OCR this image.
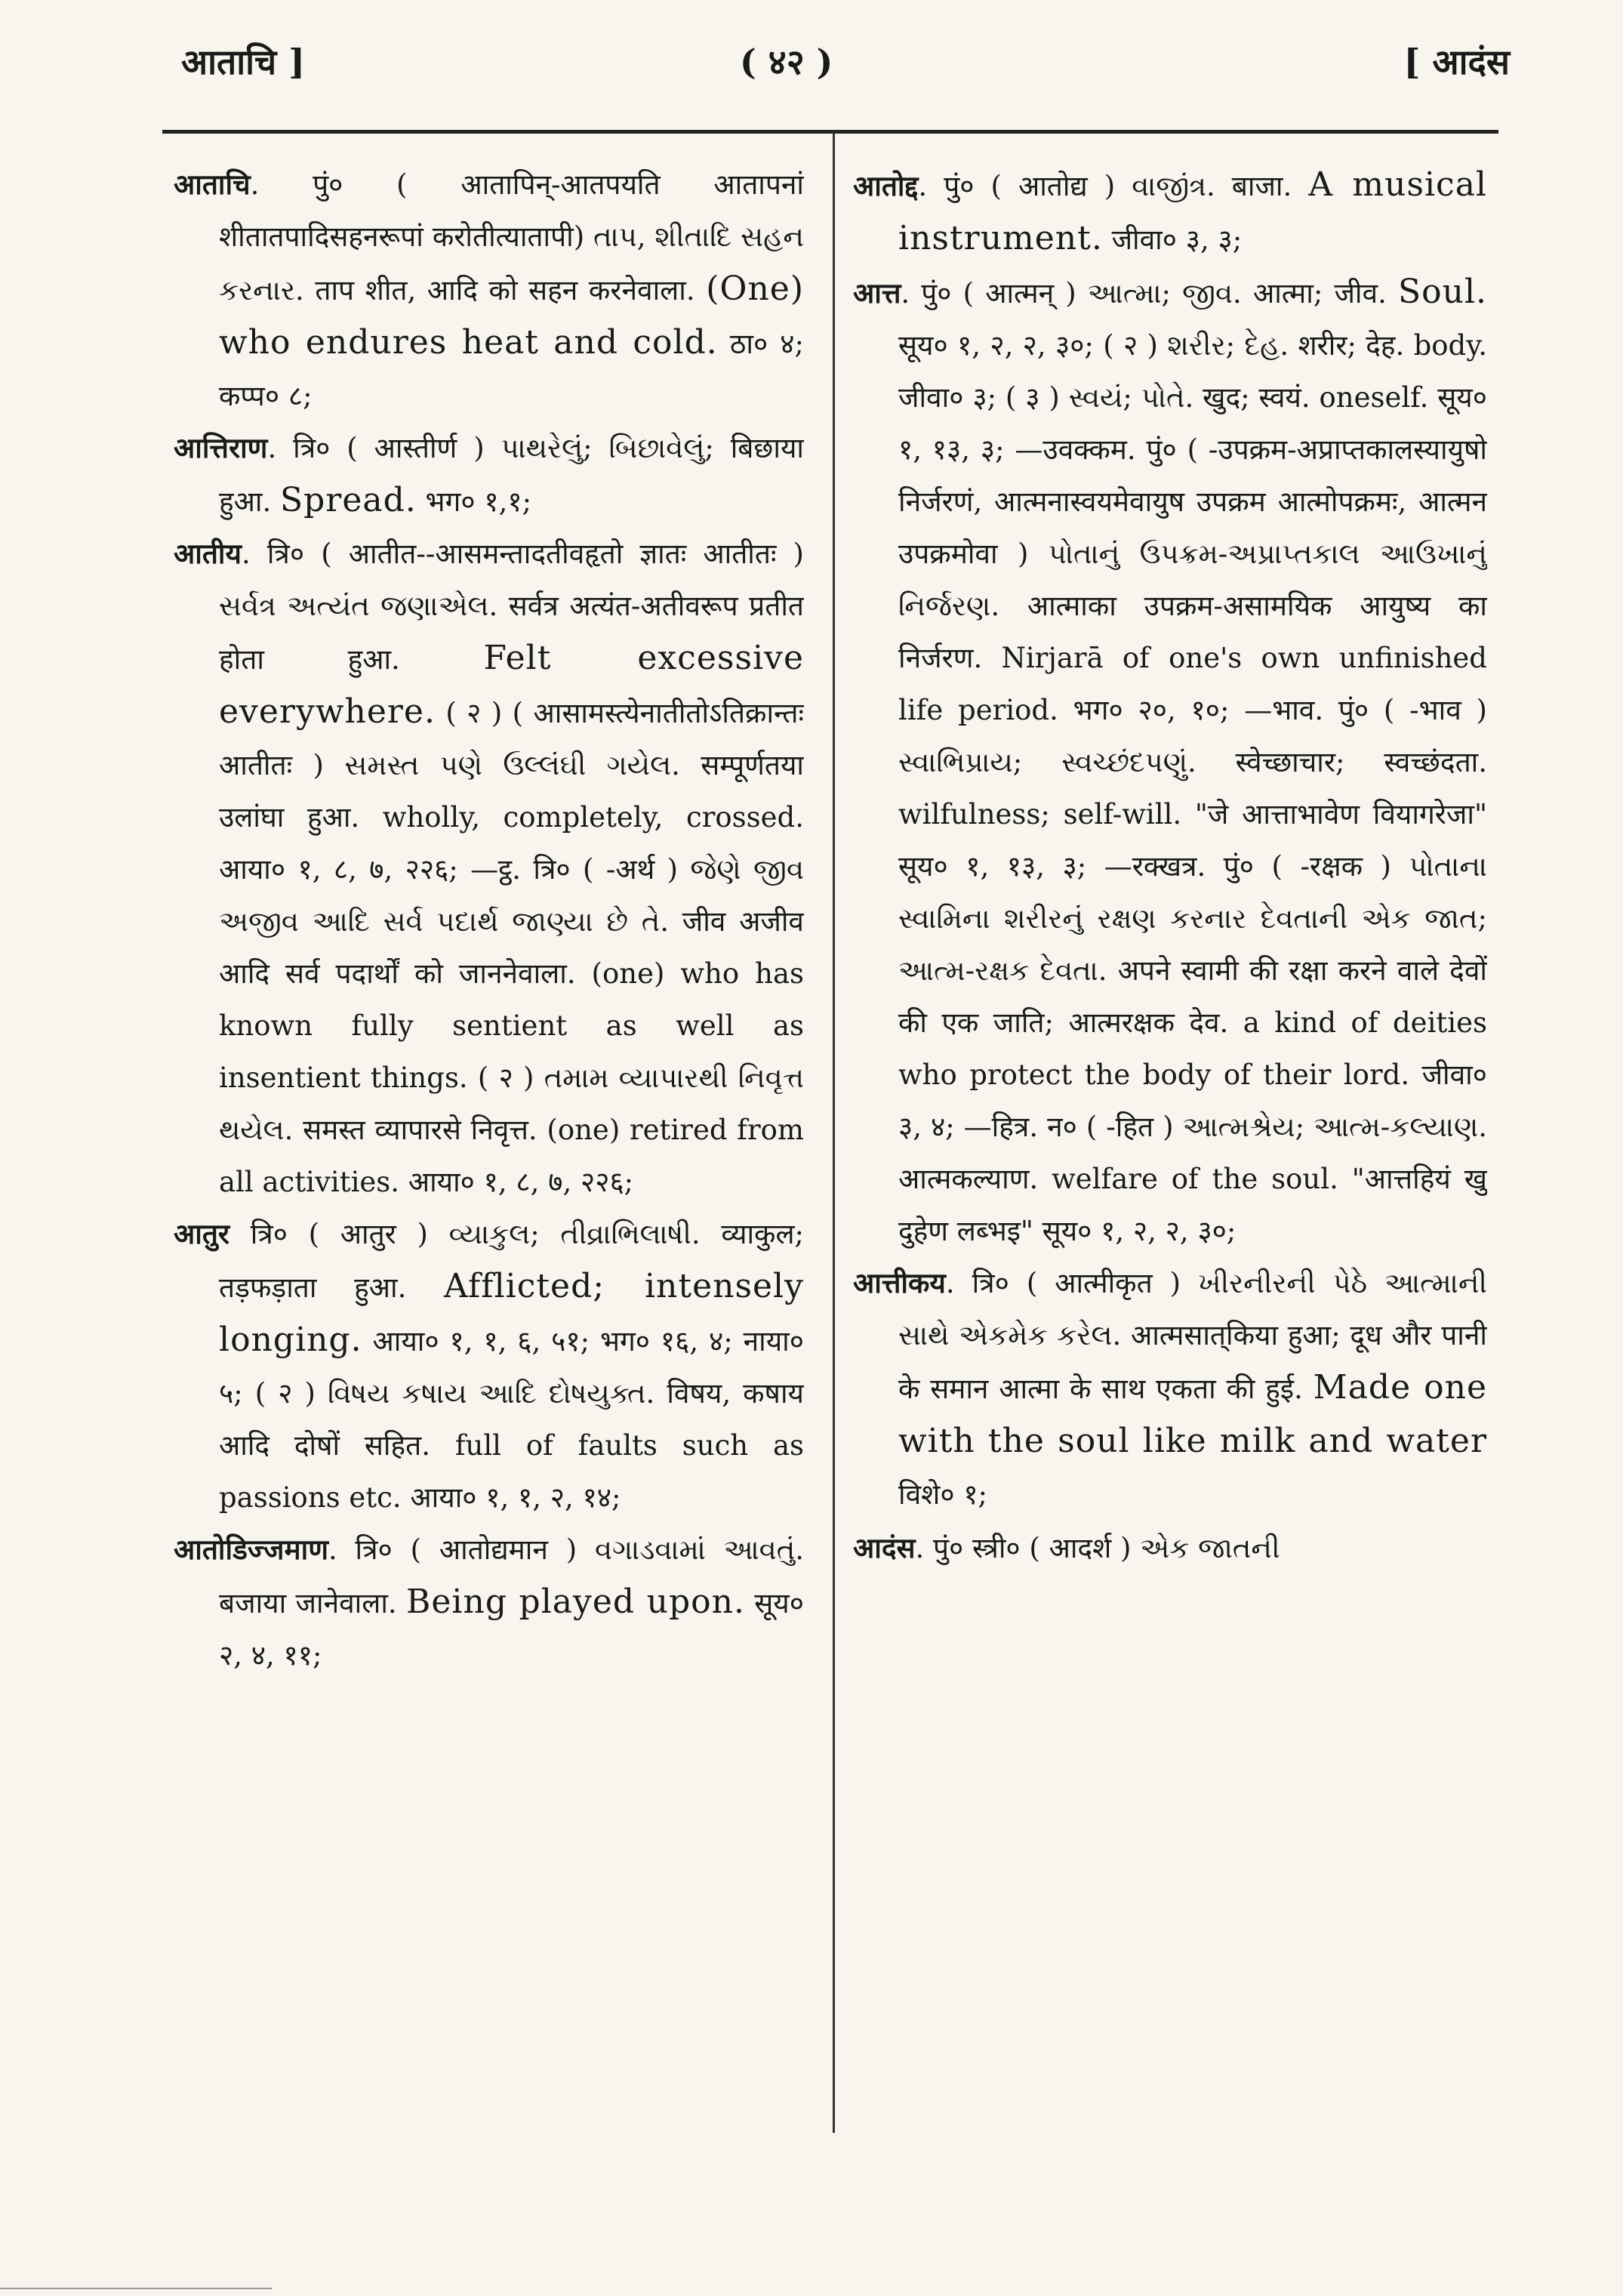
आताचि ]	( ४२ )	[ आदंस

आताचि. पुं० ( आतापिन्-आतपयति आतापनां शीतातपादिसहनरूपां करोतीत्यातापी) તાપ, શીતાદિ સહન કરનાર. ताप शीत, आदि को सहन करनेवाला. (One) who endures heat and cold. ठा० ४; कप्प० ८;

आत्तिराण. त्रि० ( आस्तीर्ण ) પાથરેલું; બિછાવેલું; बिछाया हुआ. Spread. भग० १,१;

आतीय. त्रि० ( आतीत--आसमन्तादतीवहृतो ज्ञातः आतीतः ) સર્વત્ર અત્યંત જણાએલ. सर्वत्र अत्यंत-अतीवरूप प्रतीत होता हुआ. Felt excessive everywhere. ( २ ) ( आसामस्त्येनातीतोऽतिक्रान्तः आतीतः ) સમસ્ત પણે ઉલ્લંઘી ગયેલ. सम्पूर्णतया उलांघा हुआ. wholly, completely, crossed. आया० १, ८, ७, २२६; —ट्ठ. त्रि० ( -अर्थ ) જેણે જીવ અજીવ આદિ સર્વ પદાર્થ જાણ્યા છે તે. जीव अजीव आदि सर्व पदार्थों को जाननेवाला. (one) who has known fully sentient as well as insentient things. ( २ ) તમામ વ્યાપારથી નિવૃત્ત થયેલ. समस्त व्यापारसे निवृत्त. (one) retired from all activities. आया० १, ८, ७, २२६;

आतुर त्रि० ( आतुर ) વ્યાકુલ; તીવ્રાભિલાષી. व्याकुल; तड़फड़ाता हुआ. Afflicted; intensely longing. आया० १, १, ६, ५१; भग० १६, ४; नाया० ५; ( २ ) વિષય કષાય આદિ દોષયુક્ત. विषय, कषाय आदि दोषों सहित. full of faults such as passions etc. आया० १, १, २, १४;

आतोडिज्जमाण. त्रि० ( आतोद्यमान ) વગાડવામાં આવતું. बजाया जानेवाला. Being played upon. सूय० २, ४, ११;

आतोद्द. पुं० ( आतोद्य ) વાજીંત્ર. बाजा. A musical instrument. जीवा० ३, ३;

आत्त. पुं० ( आत्मन् ) આત્મા; જીવ. आत्मा; जीव. Soul. सूय० १, २, २, ३०; ( २ ) શરીર; દેહ. शरीर; देह. body. जीवा० ३; ( ३ ) સ્વયં; પોતે. खुद; स्वयं. oneself. सूय० १, १३, ३; —उवक्कम. पुं० ( -उपक्रम-अप्राप्तकालस्यायुषो निर्जरणं, आत्मनास्वयमेवायुष उपक्रम आत्मोपक्रमः, आत्मन उपक्रमोवा ) પોતાનું ઉપક્રમ-અપ્રાપ્તકાલ આઉખાનું નિર્જરણ. आत्माका उपक्रम-असामयिक आयुष्य का निर्जरण. Nirjarā of one's own unfinished life period. भग० २०, १०; —भाव. पुं० ( -भाव ) સ્વાભિપ્રાય; સ્વચ્છંદપણું. स्वेच्छाचार; स्वच्छंदता. wilfulness; self-will. "जे आत्ताभावेण वियागरेजा" सूय० १, १३, ३; —रक्खत्र. पुं० ( -रक्षक ) પોતાના સ્વામિના શરીરનું રક્ષણ કરનાર દેવતાની એક જાત; આત્મ-રક્ષક દેવતા. अपने स्वामी की रक्षा करने वाले देवों की एक जाति; आत्मरक्षक देव. a kind of deities who protect the body of their lord. जीवा० ३, ४; —हित्र. न० ( -हित ) આત્મશ્રેય; આત્મ-કલ્યાણ. आत्मकल्याण. welfare of the soul. "आत्तहियं खु दुहेण लब्भइ" सूय० १, २, २, ३०;

आत्तीकय. त्रि० ( आत्मीकृत ) ખીરનીરની પેઠે આત્માની સાથે એકમેક કરેલ. आत्मसात्‌किया हुआ; दूध और पानी के समान आत्मा के साथ एकता की हुई. Made one with the soul like milk and water विशे० १;

आदंस. पुं० स्त्री० ( आदर्श ) એક જાતની
